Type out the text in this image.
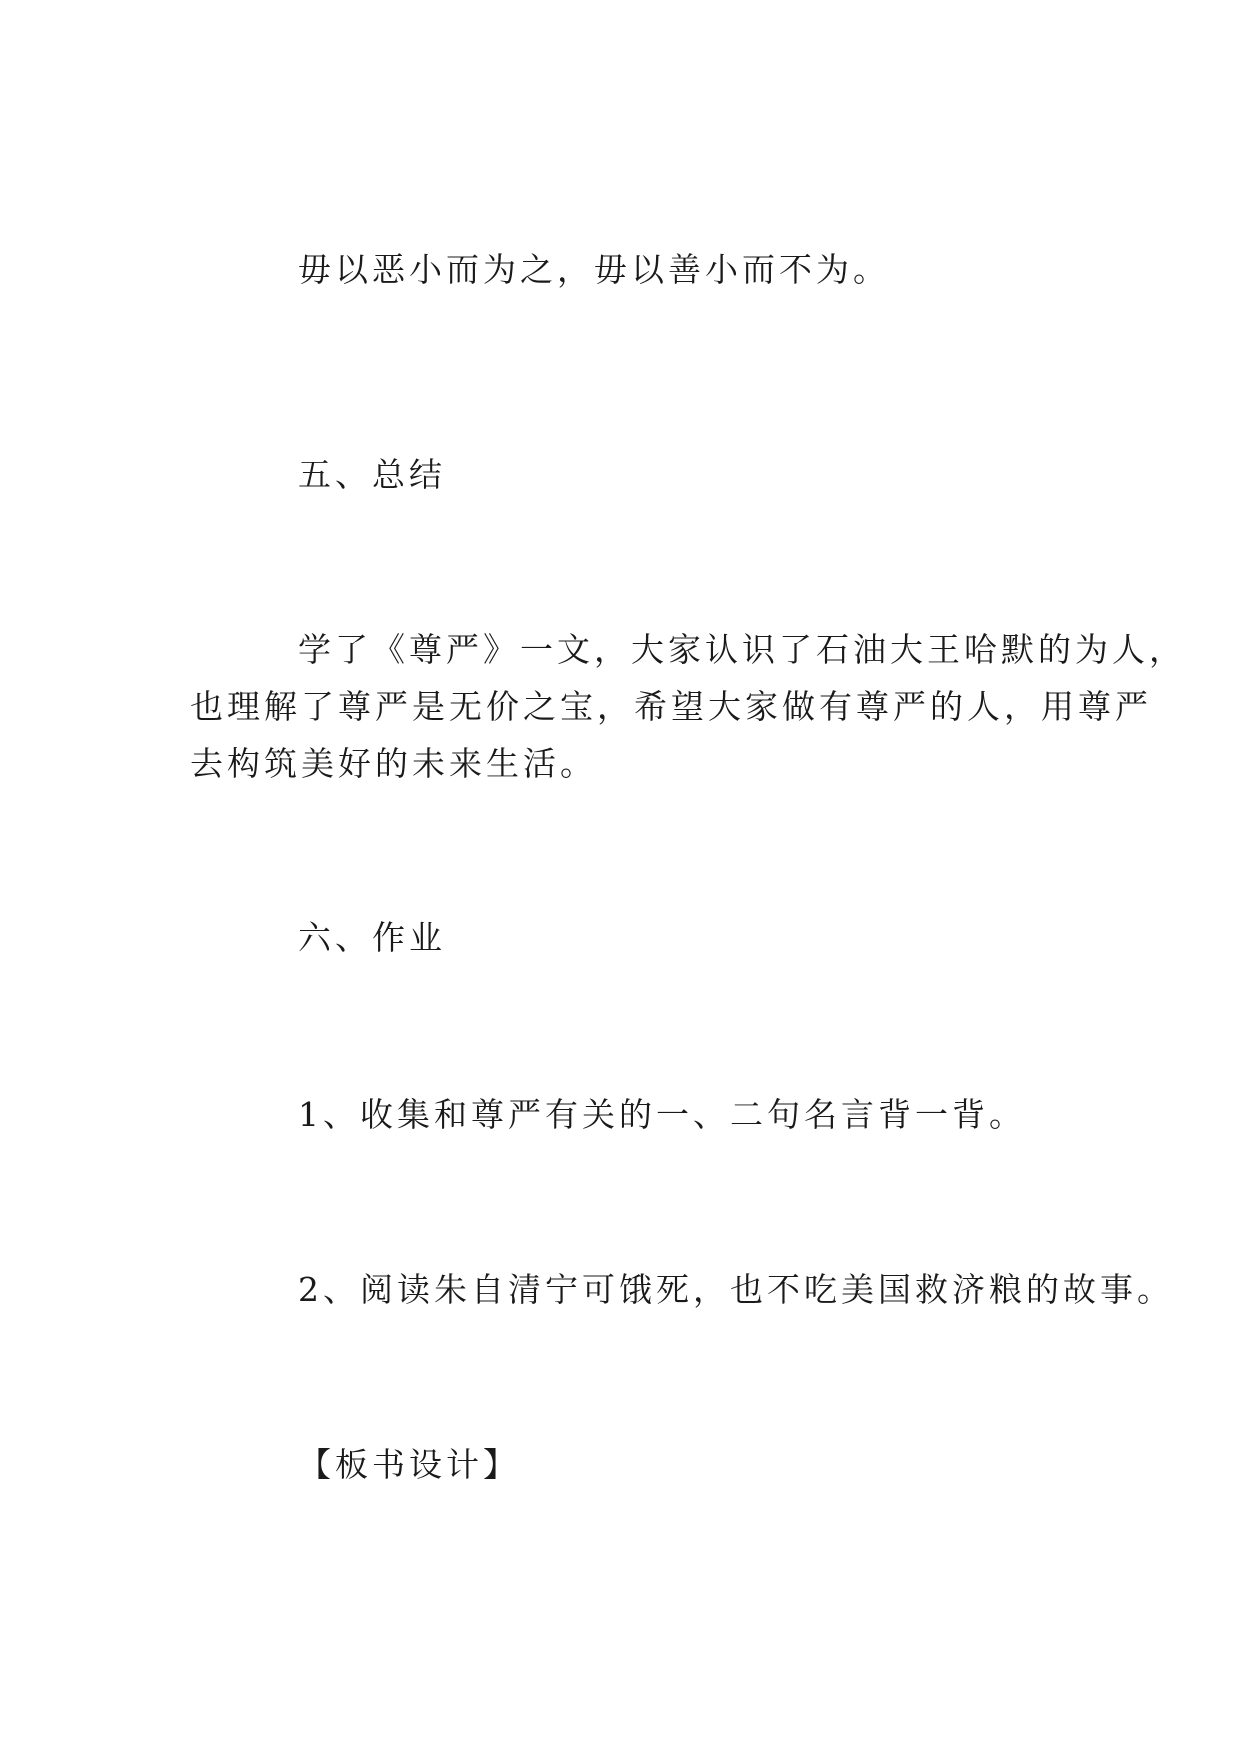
毋以恶小而为之，毋以善小而不为。

五、总结

学了《尊严》一文，大家认识了石油大王哈默的为人，

也理解了尊严是无价之宝，希望大家做有尊严的人，用尊严

去构筑美好的未来生活。

六、作业

1、收集和尊严有关的一、二句名言背一背。

2、阅读朱自清宁可饿死，也不吃美国救济粮的故事。

【板书设计】
